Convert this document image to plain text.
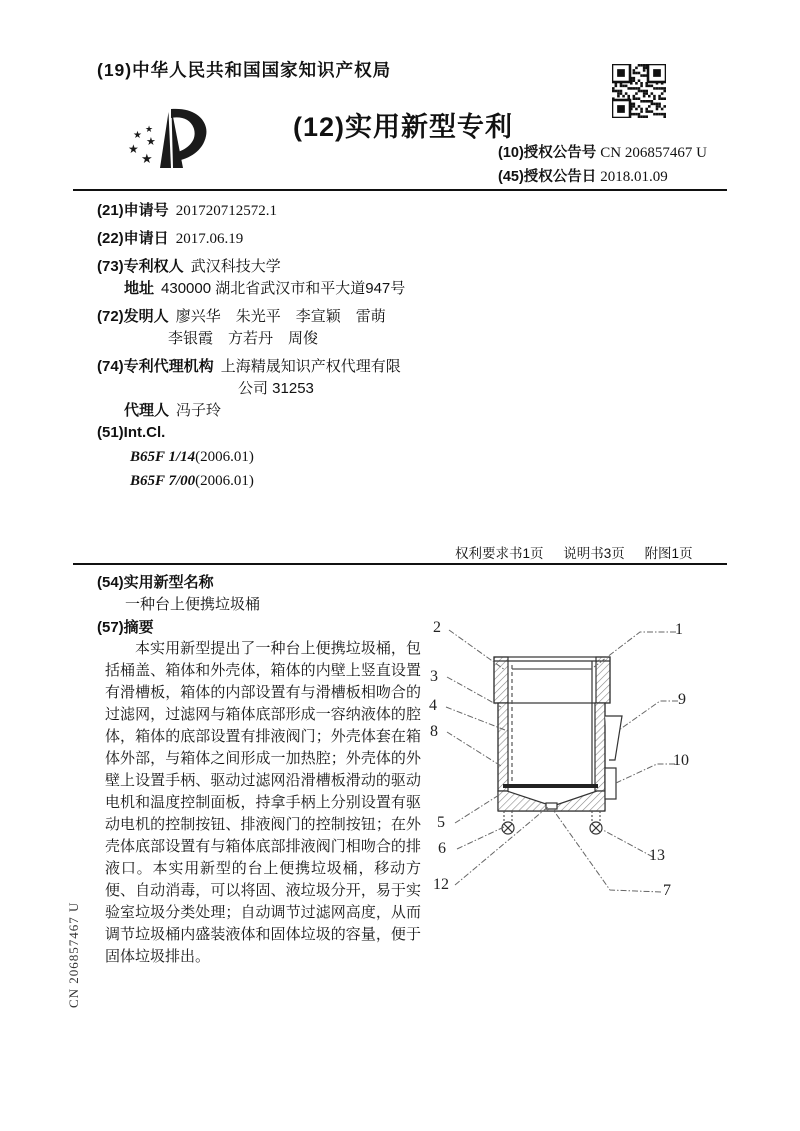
(19)中华人民共和国国家知识产权局
★
★
★
★
★
(12)实用新型专利
(10)授权公告号 CN 206857467 U
(45)授权公告日 2018.01.09
(21)申请号 201720712572.1
(22)申请日 2017.06.19
(73)专利权人 武汉科技大学
地址 430000 湖北省武汉市和平大道947号
(72)发明人 廖兴华　朱光平　李宣颖　雷萌
李银霞　方若丹　周俊
(74)专利代理机构 上海精晟知识产权代理有限
公司 31253
代理人 冯子玲
(51)Int.Cl.
B65F 1/14(2006.01)
B65F 7/00(2006.01)
权利要求书1页 说明书3页 附图1页
(54)实用新型名称
一种台上便携垃圾桶
(57)摘要
本实用新型提出了一种台上便携垃圾桶，包括桶盖、箱体和外壳体，箱体的内壁上竖直设置有滑槽板，箱体的内部设置有与滑槽板相吻合的过滤网，过滤网与箱体底部形成一容纳液体的腔体，箱体的底部设置有排液阀门；外壳体套在箱体外部，与箱体之间形成一加热腔；外壳体的外壁上设置手柄、驱动过滤网沿滑槽板滑动的驱动电机和温度控制面板，持拿手柄上分别设置有驱动电机的控制按钮、排液阀门的控制按钮；在外壳体底部设置有与箱体底部排液阀门相吻合的排液口。本实用新型的台上便携垃圾桶，移动方便、自动消毒，可以将固、液垃圾分开，易于实验室垃圾分类处理；自动调节过滤网高度，从而调节垃圾桶内盛装液体和固体垃圾的容量，便于固体垃圾排出。
2	1
3
4
8
9
10
5
6
12
13
7
CN 206857467 U
